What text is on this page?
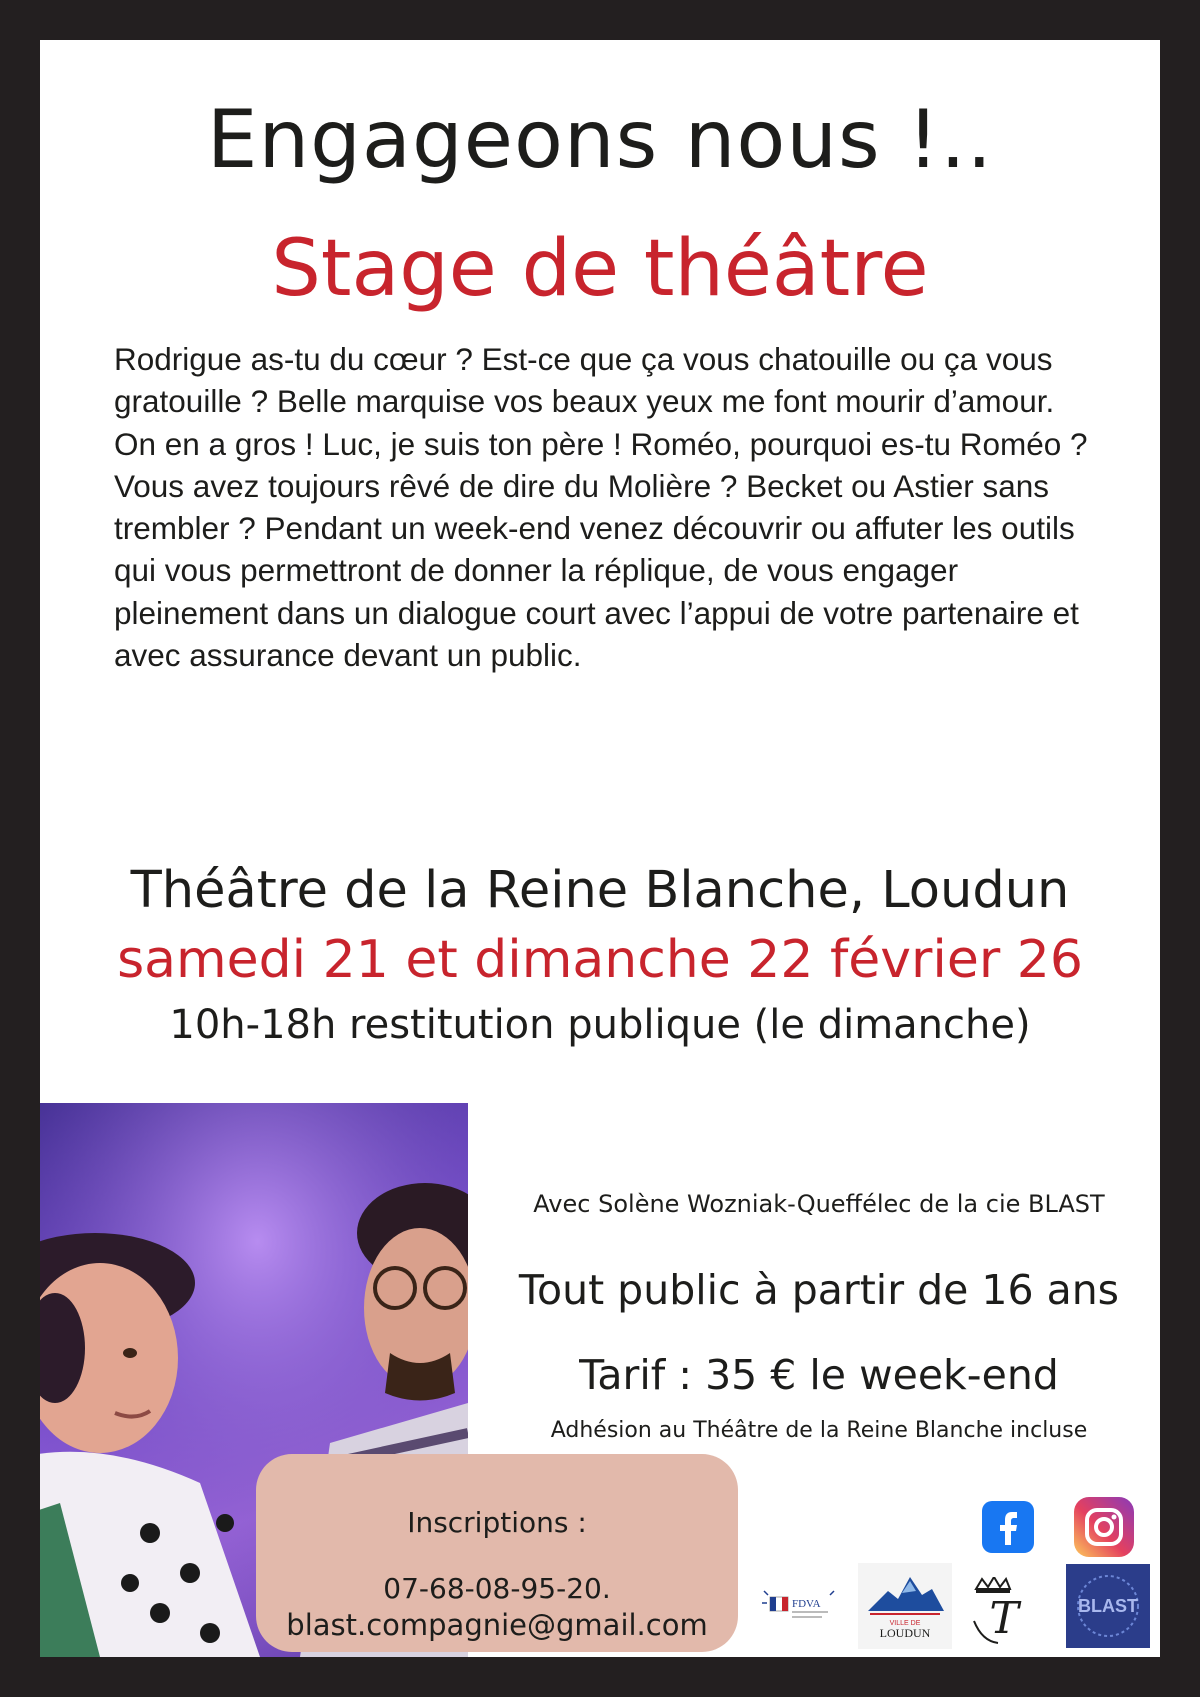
Engageons nous !..
Stage de théâtre

Rodrigue as-tu du cœur ? Est-ce que ça vous chatouille ou ça vous gratouille ? Belle marquise vos beaux yeux me font mourir d’amour. On en a gros ! Luc, je suis ton père ! Roméo, pourquoi es-tu Roméo ?

Vous avez toujours rêvé de dire du Molière ? Becket ou Astier sans trembler ? Pendant un week-end venez découvrir ou affuter les outils qui vous permettront de donner la réplique, de vous engager pleinement dans un dialogue court avec l’appui de votre partenaire et avec assurance devant un public.

Théâtre de la Reine Blanche, Loudun
samedi 21 et dimanche 22 février 26
10h-18h restitution publique (le dimanche)
Avec Solène Wozniak-Queffélec de la cie BLAST
Tout public à partir de 16 ans
Tarif : 35 € le week-end
Adhésion au Théâtre de la Reine Blanche incluse
Inscriptions :
07-68-08-95-20.
blast.compagnie@gmail.com
FDVA
VILLE DE
LOUDUN T	BLAST
